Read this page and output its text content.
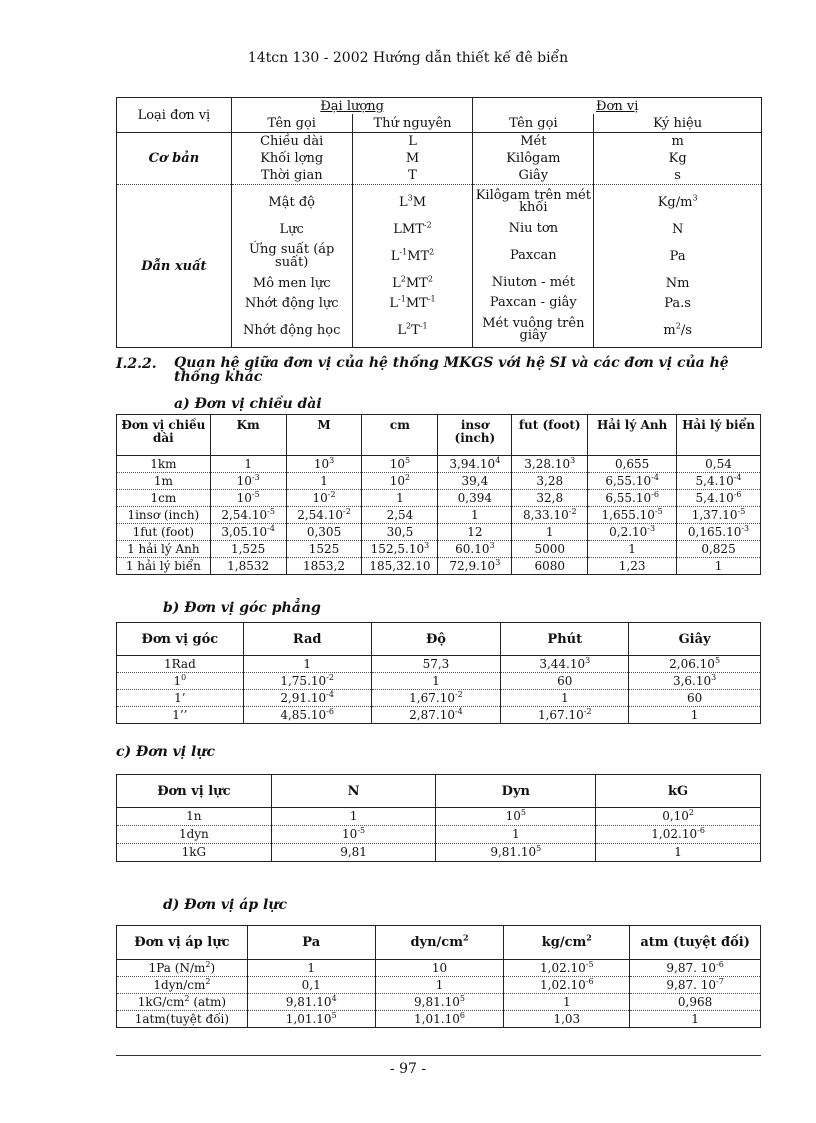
14tcn 130 - 2002 Hướng dẫn thiết kế đê biển
Loại đơn vị	Đại lượng		Đơn vị	
	Tên gọi	Thứ nguyên	Tên gọi	Ký hiệu
Cơ bản	Chiều dài	L	Mét	m
	Khối lợng	M	Kilôgam	Kg
	Thời gian	T	Giây	s
Dẫn xuất	Mật độ	$L^3M$	Kilôgam trên mét khối	$Kg/m^3$
	Lực	$LMT^{-2}$	Niu tơn	N
	Ứng suất (áp suất)	$L^{-1}MT^2$	Paxcan	Pa
	Mô men lực	$L^2MT^2$	Niutơn - mét	Nm
	Nhớt động lực	$L^{-1}MT^{-1}$	Paxcan - giây	Pa.s
	Nhớt động học	$L^2T^{-1}$	Mét vuông trên giây	$m^2/s$
I.2.2. Quan hệ giữa đơn vị của hệ thống MKGS với hệ SI và các đơn vị của hệ thống khác
a) Đơn vị chiều dài
Đơn vị chiều dài	Km	M	cm	insơ (inch)	fut (foot)	Hải lý Anh	Hải lý biển
1km	1	$10^3$	$10^5$	3,94.10$^4$	3,28.10$^3$	0,655	0,54
1m	$10^{-3}$	1	$10^2$	39,4	3,28	$6,55.10^{-4}$	$5,4.10^{-4}$
1cm	$10^{-5}$	$10^{-2}$	1	0,394	32,8	$6,55.10^{-6}$	$5,4.10^{-6}$
1insơ (inch)	$2,54.10^{-5}$	$2,54.10^{-2}$	2,54	1	$8,33.10^{-2}$	$1,655.10^{-5}$	$1,37.10^{-5}$
1fut (foot)	$3,05.10^{-4}$	0,305	30,5	12	1	$0,2.10^{-3}$	$0,165.10^{-3}$
1 hải lý Anh	1,525	1525	152,5.10$^3$	60.10$^3$	5000	1	0,825
1 hải lý biển	1,8532	1853,2	185,32.10	72,9.10$^3$	6080	1,23	1
b) Đơn vị góc phẳng
Đơn vị góc	Rad	Độ	Phút	Giây
1Rad	1	57,3	3,44.10$^3$	2,06.10$^5$
$1^0$	$1,75.10^{-2}$	1	60	3,6.10$^3$
1’	$2,91.10^{-4}$	$1,67.10^{-2}$	1	60
1’’	$4,85.10^{-6}$	$2,87.10^{-4}$	$1,67.10^{-2}$	1
c) Đơn vị lực
Đơn vị lực	N	Dyn	kG
1n	1	$10^5$	0,10$^2$
1dyn	$10^{-5}$	1	$1,02.10^{-6}$
1kG	9,81	9,81.10$^5$	1
d) Đơn vị áp lực
Đơn vị áp lực	Pa	dyn/$cm^2$	$kg/cm^2$	atm (tuyệt đối)
1Pa $(N/m^2)$	1	10	$1,02.10^{-5}$	9,87. $10^{-6}$
$1dyn/cm^2$	0,1	1	$1,02.10^{-6}$	9,87. $10^{-7}$
$1kG/cm^2$ (atm)	9,81.10$^4$	9,81.10$^5$	1	0,968
1atm(tuyệt đối)	1,01.10$^5$	1,01.10$^6$	1,03	1
- 97 -
